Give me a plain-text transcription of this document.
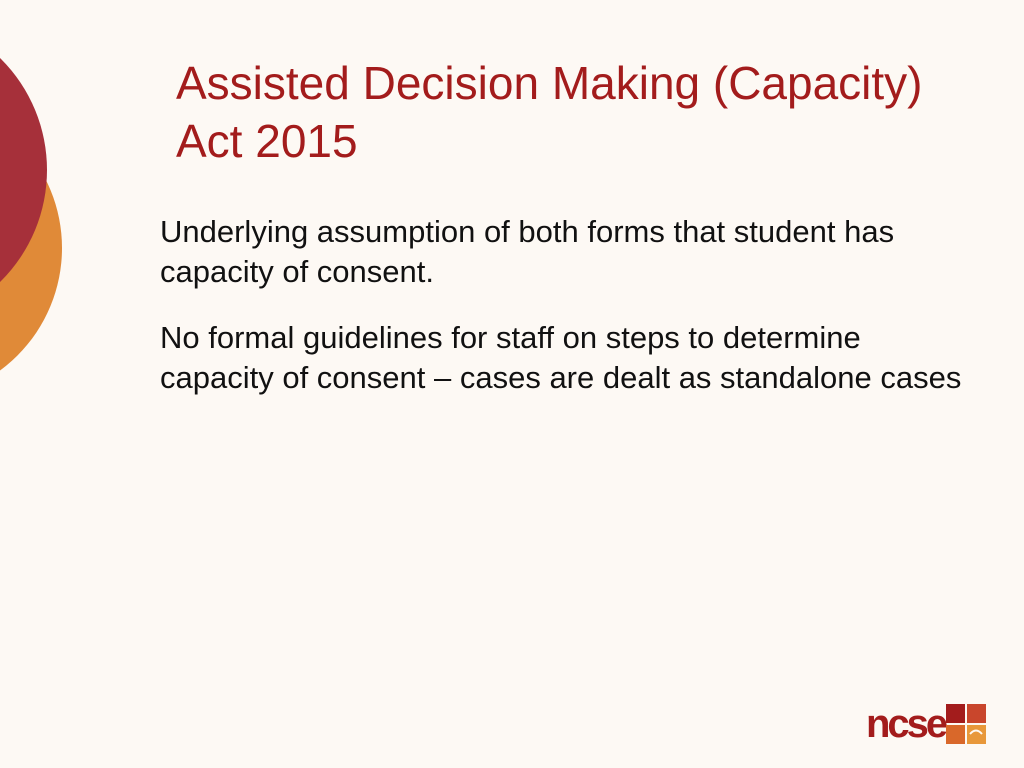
Assisted Decision Making (Capacity)
Act 2015

Underlying assumption of both forms that student has capacity of consent.

No formal guidelines for staff on steps to determine capacity of consent – cases are dealt as standalone cases

ncse
